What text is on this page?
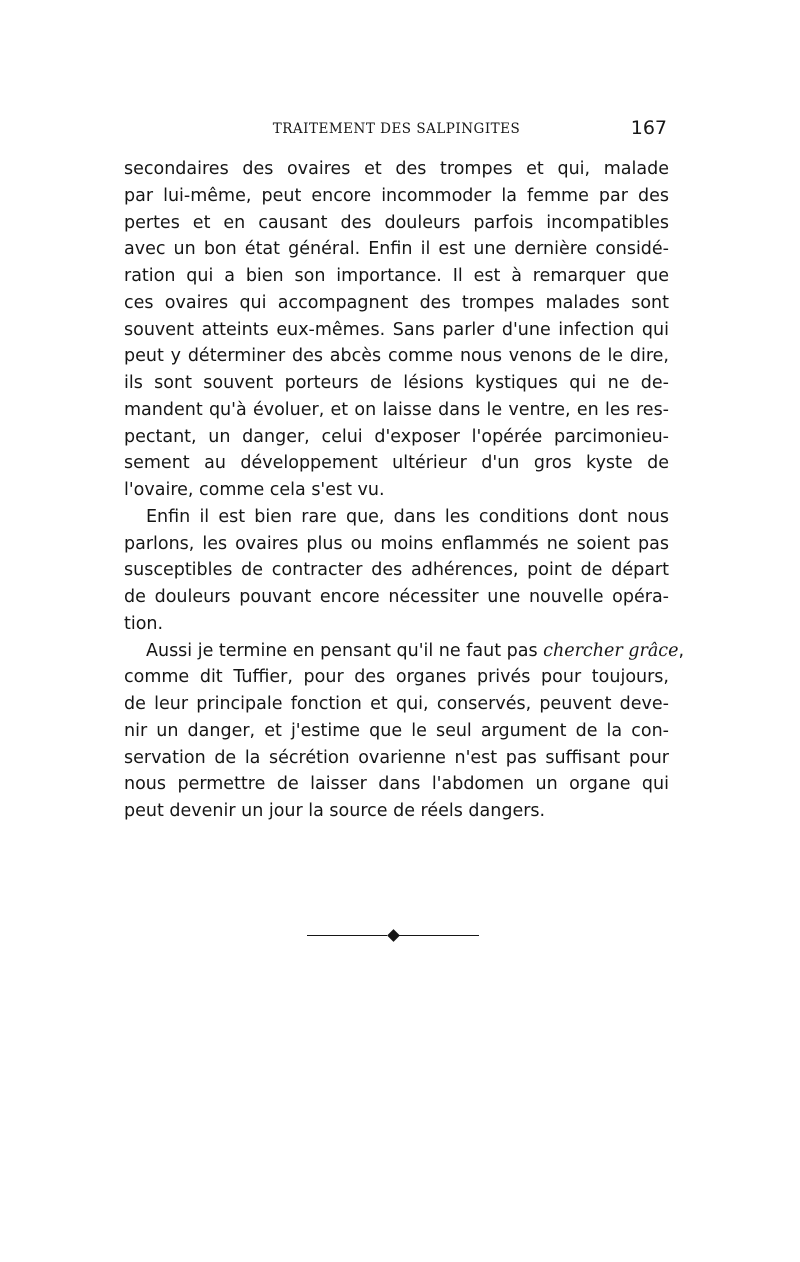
TRAITEMENT DES SALPINGITES	167
secondaires des ovaires et des trompes et qui, malade
par lui-même, peut encore incommoder la femme par des
pertes et en causant des douleurs parfois incompatibles
avec un bon état général. Enfin il est une dernière considé-
ration qui a bien son importance. Il est à remarquer que
ces ovaires qui accompagnent des trompes malades sont
souvent atteints eux-mêmes. Sans parler d'une infection qui
peut y déterminer des abcès comme nous venons de le dire,
ils sont souvent porteurs de lésions kystiques qui ne de-
mandent qu'à évoluer, et on laisse dans le ventre, en les res-
pectant, un danger, celui d'exposer l'opérée parcimonieu-
sement au développement ultérieur d'un gros kyste de
l'ovaire, comme cela s'est vu.
Enfin il est bien rare que, dans les conditions dont nous
parlons, les ovaires plus ou moins enflammés ne soient pas
susceptibles de contracter des adhérences, point de départ
de douleurs pouvant encore nécessiter une nouvelle opéra-
tion.
Aussi je termine en pensant qu'il ne faut pas chercher grâce,
comme dit Tuffier, pour des organes privés pour toujours,
de leur principale fonction et qui, conservés, peuvent deve-
nir un danger, et j'estime que le seul argument de la con-
servation de la sécrétion ovarienne n'est pas suffisant pour
nous permettre de laisser dans l'abdomen un organe qui
peut devenir un jour la source de réels dangers.
